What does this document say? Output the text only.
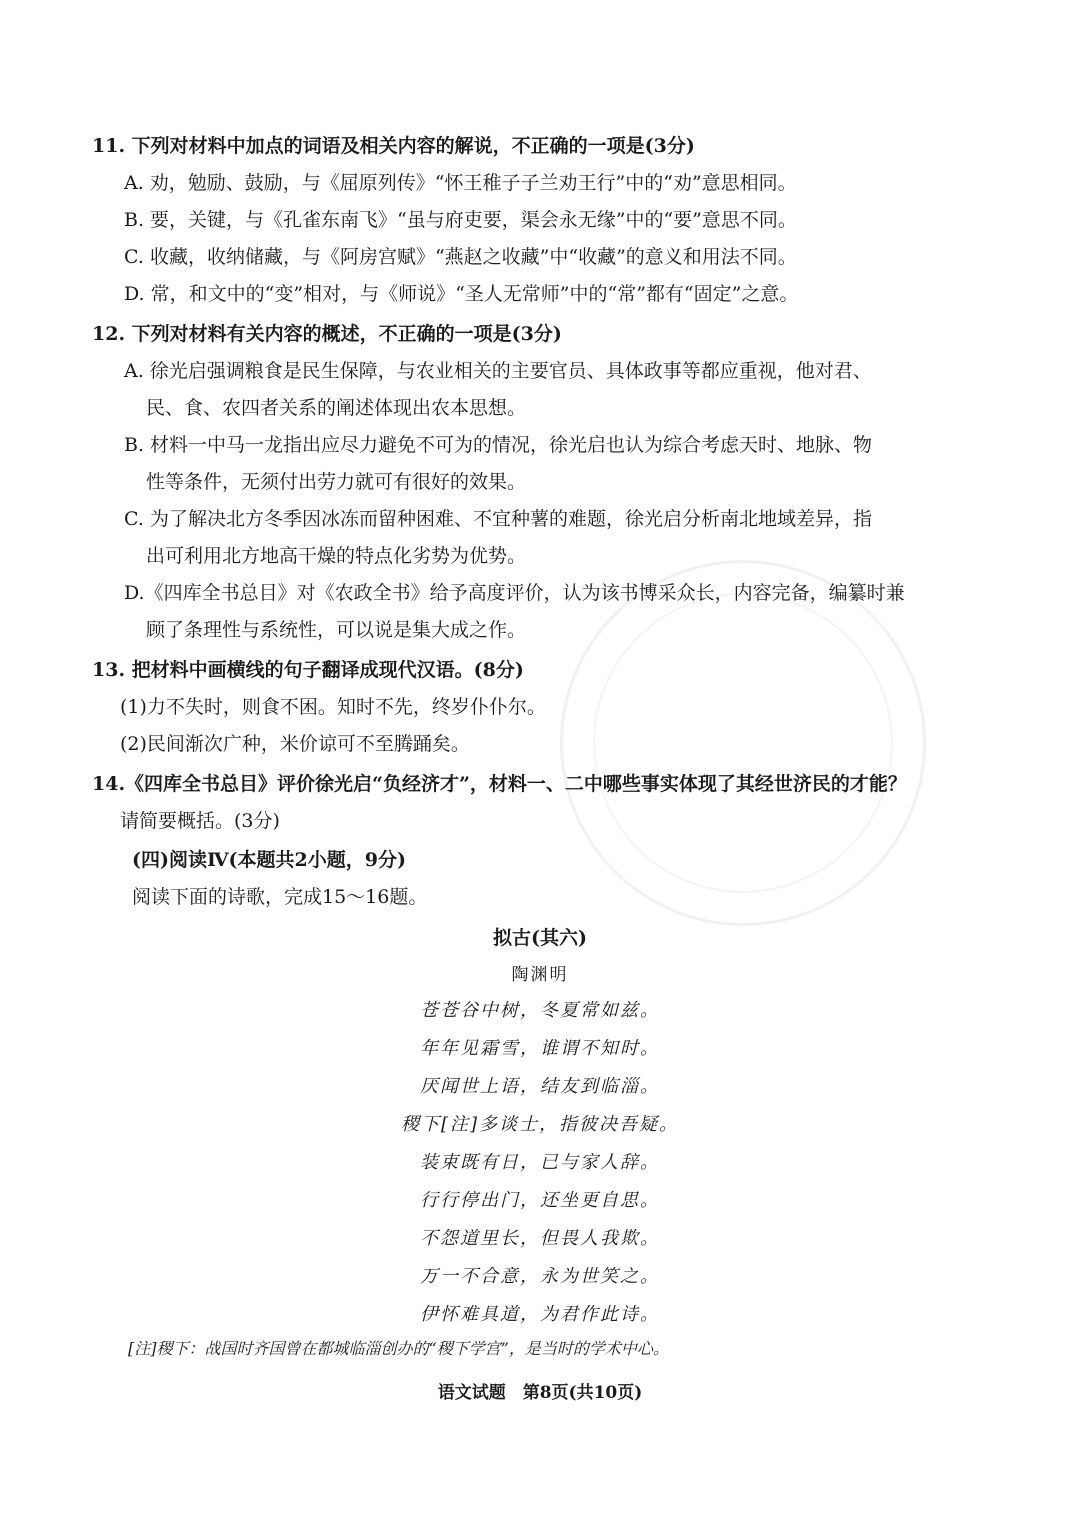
11. 下列对材料中加点的词语及相关内容的解说，不正确的一项是(3分)
A. 劝，勉励、鼓励，与《屈原列传》“怀王稚子子兰劝王行”中的“劝”意思相同。
B. 要，关键，与《孔雀东南飞》“虽与府吏要，渠会永无缘”中的“要”意思不同。
C. 收藏，收纳储藏，与《阿房宫赋》“燕赵之收藏”中“收藏”的意义和用法不同。
D. 常，和文中的“变”相对，与《师说》“圣人无常师”中的“常”都有“固定”之意。
12. 下列对材料有关内容的概述，不正确的一项是(3分)
A. 徐光启强调粮食是民生保障，与农业相关的主要官员、具体政事等都应重视，他对君、
民、食、农四者关系的阐述体现出农本思想。
B. 材料一中马一龙指出应尽力避免不可为的情况，徐光启也认为综合考虑天时、地脉、物
性等条件，无须付出劳力就可有很好的效果。
C. 为了解决北方冬季因冰冻而留种困难、不宜种薯的难题，徐光启分析南北地域差异，指
出可利用北方地高干燥的特点化劣势为优势。
D.《四库全书总目》对《农政全书》给予高度评价，认为该书博采众长，内容完备，编纂时兼
顾了条理性与系统性，可以说是集大成之作。
13. 把材料中画横线的句子翻译成现代汉语。(8分)
(1)力不失时，则食不困。知时不先，终岁仆仆尔。
(2)民间渐次广种，米价谅可不至腾踊矣。
14.《四库全书总目》评价徐光启“负经济才”，材料一、二中哪些事实体现了其经世济民的才能？
请简要概括。(3分)
(四)阅读Ⅳ(本题共2小题，9分)
阅读下面的诗歌，完成15～16题。
拟古(其六)
陶渊明
苍苍谷中树，冬夏常如兹。
年年见霜雪，谁谓不知时。
厌闻世上语，结友到临淄。
稷下[注]多谈士，指彼决吾疑。
装束既有日，已与家人辞。
行行停出门，还坐更自思。
不怨道里长，但畏人我欺。
万一不合意，永为世笑之。
伊怀难具道，为君作此诗。
[注]稷下：战国时齐国曾在都城临淄创办的“稷下学宫”，是当时的学术中心。
语文试题　第8页(共10页)
